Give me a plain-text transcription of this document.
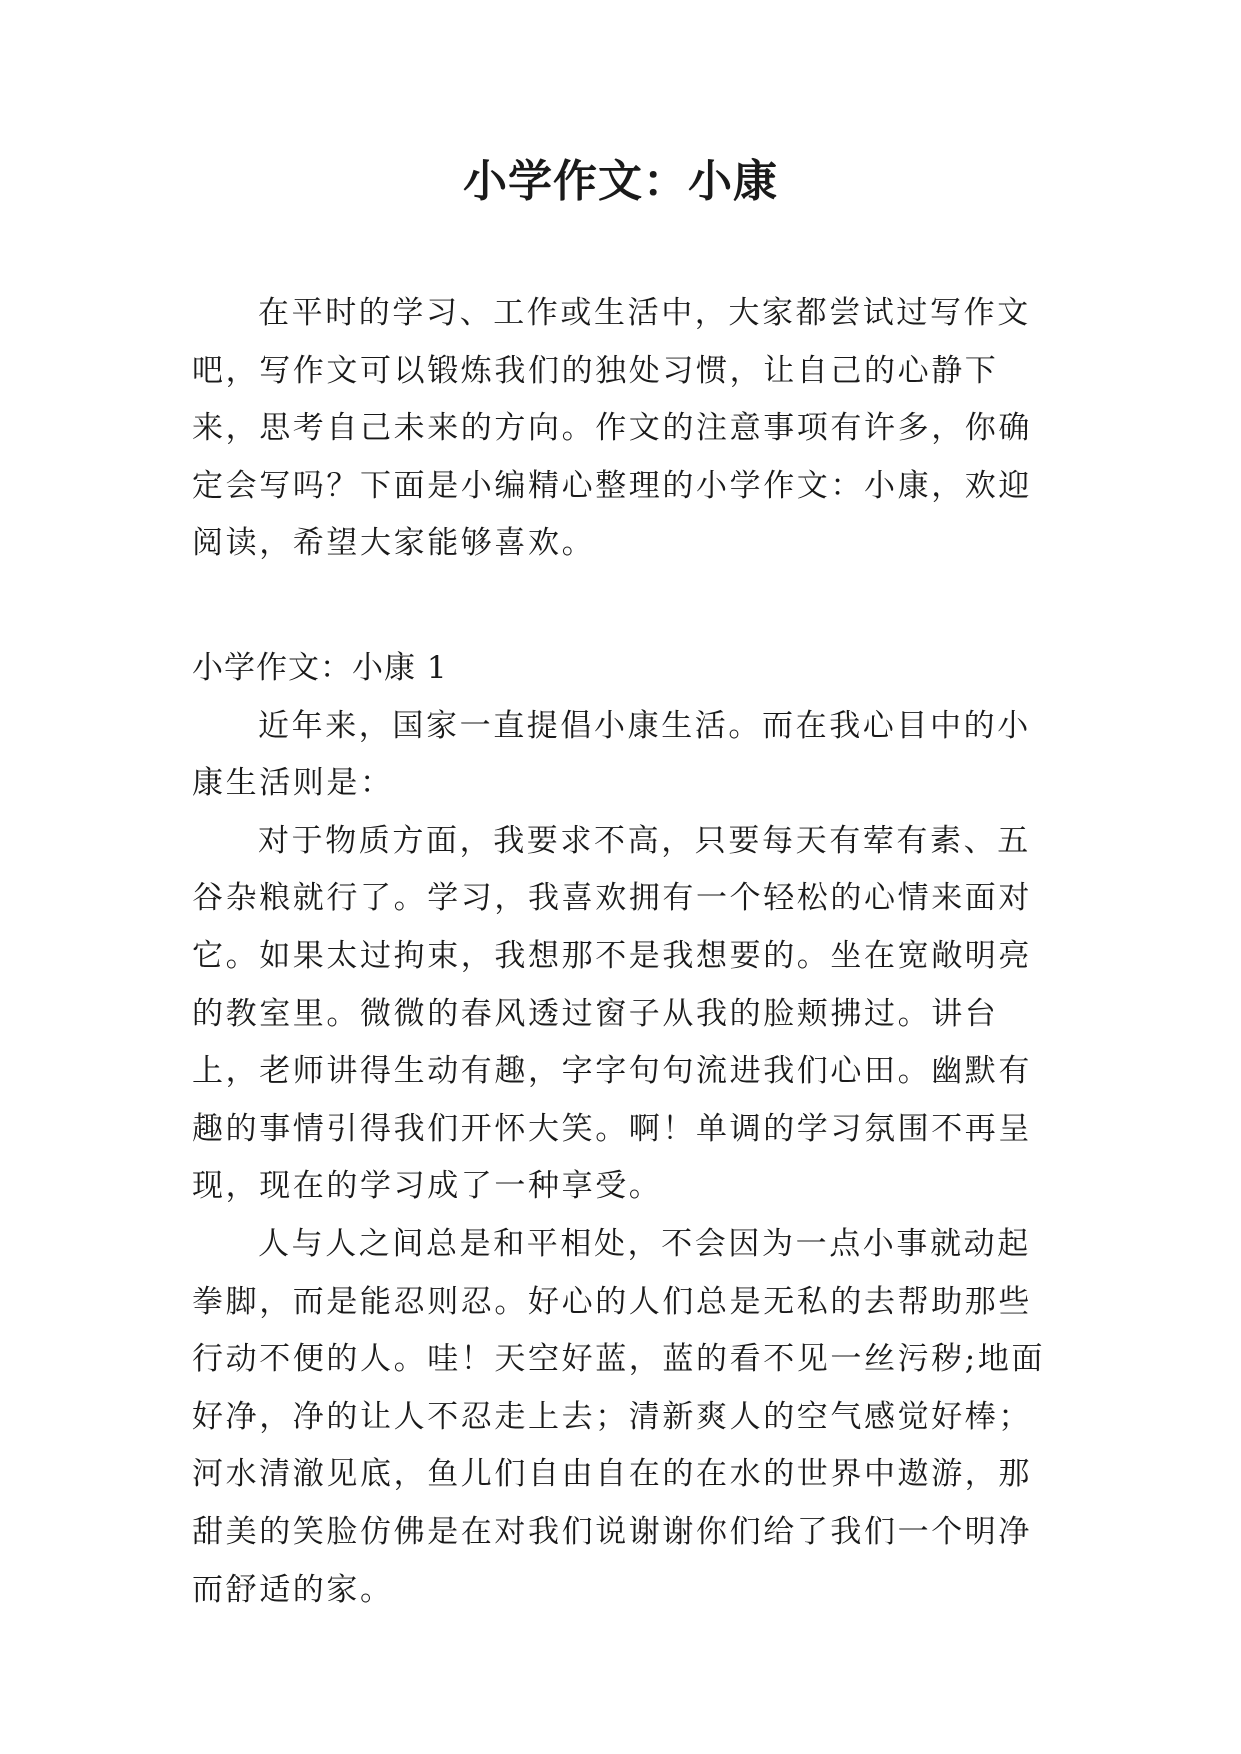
小学作文：小康

在平时的学习、工作或生活中，大家都尝试过写作文吧，写作文可以锻炼我们的独处习惯，让自己的心静下来，思考自己未来的方向。作文的注意事项有许多，你确定会写吗？下面是小编精心整理的小学作文：小康，欢迎阅读，希望大家能够喜欢。

小学作文：小康 1

近年来，国家一直提倡小康生活。而在我心目中的小康生活则是：

对于物质方面，我要求不高，只要每天有荤有素、五谷杂粮就行了。学习，我喜欢拥有一个轻松的心情来面对它。如果太过拘束，我想那不是我想要的。坐在宽敞明亮的教室里。微微的春风透过窗子从我的脸颊拂过。讲台上，老师讲得生动有趣，字字句句流进我们心田。幽默有趣的事情引得我们开怀大笑。啊！单调的学习氛围不再呈现，现在的学习成了一种享受。

人与人之间总是和平相处，不会因为一点小事就动起拳脚，而是能忍则忍。好心的人们总是无私的去帮助那些行动不便的人。哇！天空好蓝，蓝的看不见一丝污秽;地面好净，净的让人不忍走上去；清新爽人的空气感觉好棒；河水清澈见底，鱼儿们自由自在的在水的世界中遨游，那甜美的笑脸仿佛是在对我们说谢谢你们给了我们一个明净而舒适的家。
